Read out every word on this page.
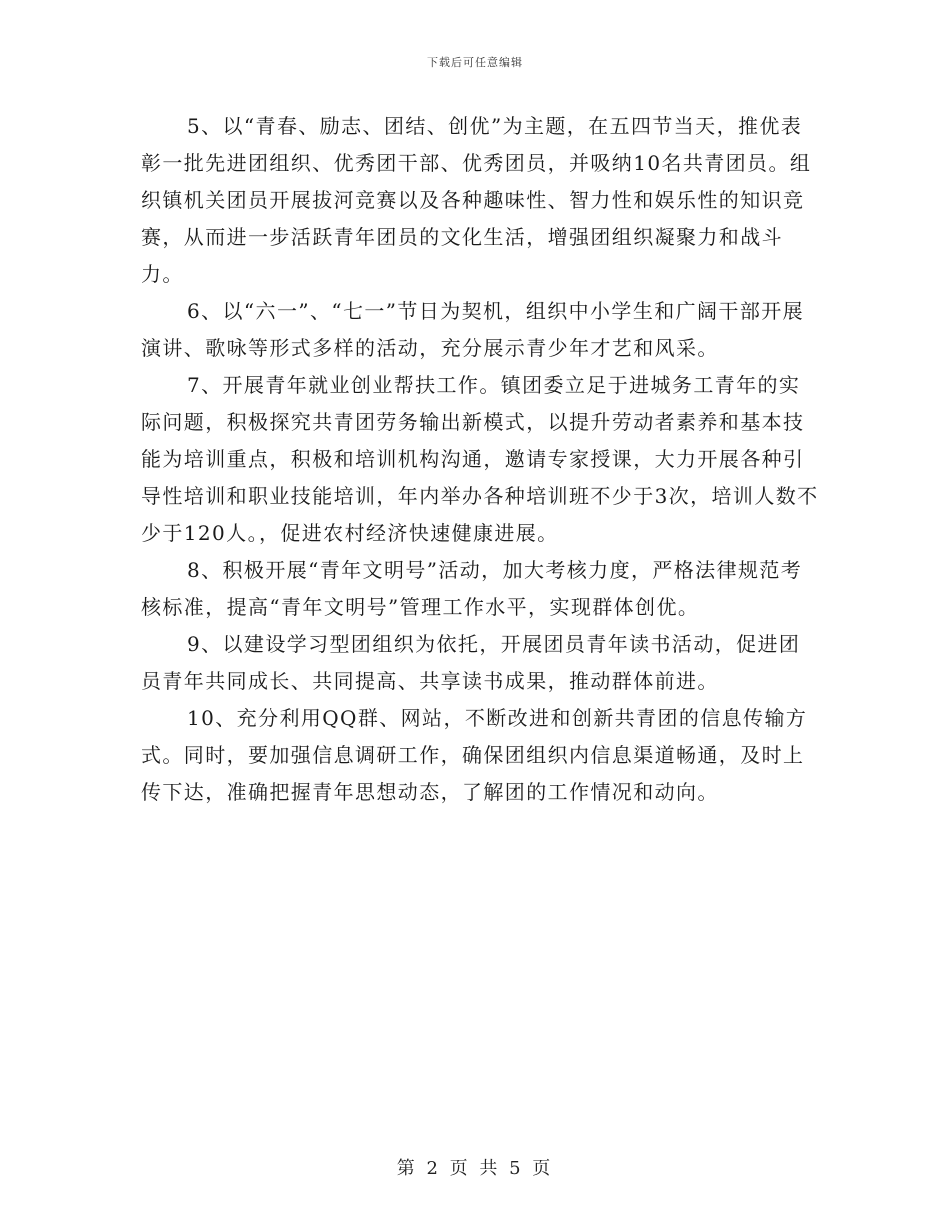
下载后可任意编辑

5、以“青春、励志、团结、创优”为主题，在五四节当天，推优表彰一批先进团组织、优秀团干部、优秀团员，并吸纳10名共青团员。组织镇机关团员开展拔河竞赛以及各种趣味性、智力性和娱乐性的知识竞赛，从而进一步活跃青年团员的文化生活，增强团组织凝聚力和战斗力。

6、以“六一”、“七一”节日为契机，组织中小学生和广阔干部开展演讲、歌咏等形式多样的活动，充分展示青少年才艺和风采。

7、开展青年就业创业帮扶工作。镇团委立足于进城务工青年的实际问题，积极探究共青团劳务输出新模式，以提升劳动者素养和基本技能为培训重点，积极和培训机构沟通，邀请专家授课，大力开展各种引导性培训和职业技能培训，年内举办各种培训班不少于3次，培训人数不少于120人。，促进农村经济快速健康进展。

8、积极开展“青年文明号”活动，加大考核力度，严格法律规范考核标准，提高“青年文明号”管理工作水平，实现群体创优。

9、以建设学习型团组织为依托，开展团员青年读书活动，促进团员青年共同成长、共同提高、共享读书成果，推动群体前进。

10、充分利用QQ群、网站，不断改进和创新共青团的信息传输方式。同时，要加强信息调研工作，确保团组织内信息渠道畅通，及时上传下达，准确把握青年思想动态，了解团的工作情况和动向。

第 2 页 共 5 页
